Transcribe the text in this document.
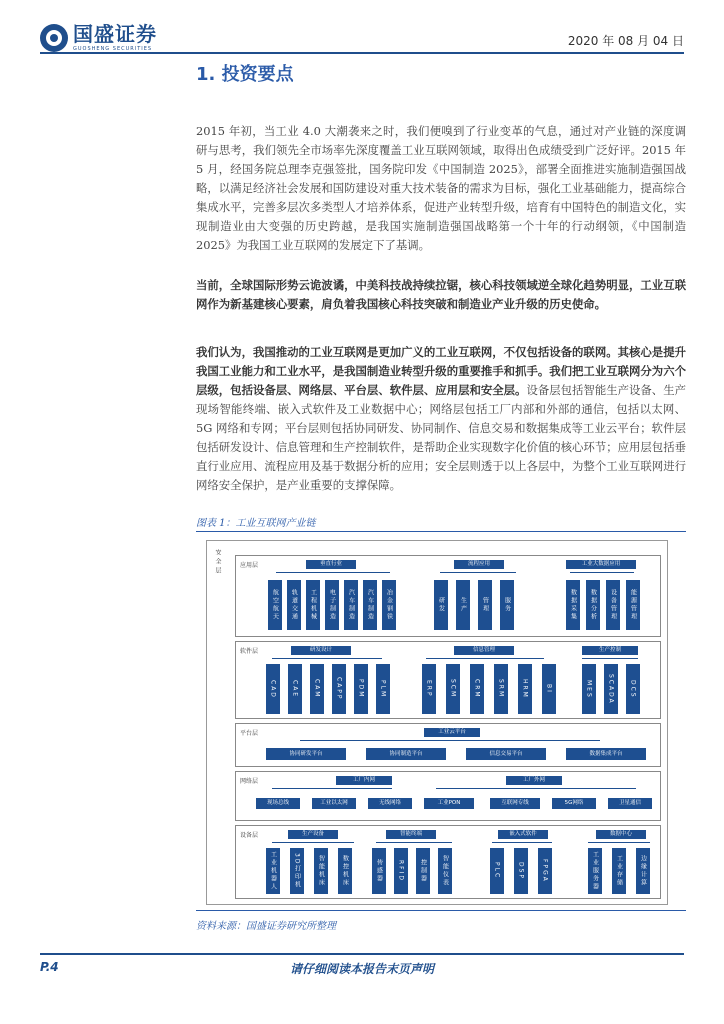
国盛证券
GUOSHENG SECURITIES
2020 年 08 月 04 日
1. 投资要点
2015 年初，当工业 4.0 大潮袭来之时，我们便嗅到了行业变革的气息，通过对产业链的深度调研与思考，我们领先全市场率先深度覆盖工业互联网领域，取得出色成绩受到广泛好评。2015 年 5 月，经国务院总理李克强签批，国务院印发《中国制造 2025》，部署全面推进实施制造强国战略，以满足经济社会发展和国防建设对重大技术装备的需求为目标，强化工业基础能力，提高综合集成水平，完善多层次多类型人才培养体系，促进产业转型升级，培育有中国特色的制造文化，实现制造业由大变强的历史跨越，是我国实施制造强国战略第一个十年的行动纲领，《中国制造 2025》为我国工业互联网的发展定下了基调。
当前，全球国际形势云诡波谲，中美科技战持续拉锯，核心科技领域逆全球化趋势明显，工业互联网作为新基建核心要素，肩负着我国核心科技突破和制造业产业升级的历史使命。
我们认为，我国推动的工业互联网是更加广义的工业互联网，不仅包括设备的联网。其核心是提升我国工业能力和工业水平，是我国制造业转型升级的重要推手和抓手。我们把工业互联网分为六个层级，包括设备层、网络层、平台层、软件层、应用层和安全层。设备层包括智能生产设备、生产现场智能终端、嵌入式软件及工业数据中心；网络层包括工厂内部和外部的通信，包括以太网、5G 网络和专网；平台层则包括协同研发、协同制作、信息交易和数据集成等工业云平台；软件层包括研发设计、信息管理和生产控制软件，是帮助企业实现数字化价值的核心环节；应用层包括垂直行业应用、流程应用及基于数据分析的应用；安全层则透于以上各层中，为整个工业互联网进行网络安全保护，是产业重要的支撑保障。
图表 1：工业互联网产业链
安全层	应用层	垂直行业	流程应用	工业大数据应用
航空航天	轨道交通	工程机械	电子制造	汽车制造	汽车制造	冶金钢铁	研发	生产	管理	服务	数据采集	数据分析	设备管理	能源管理
软件层	研发设计	信息管理	生产控制
CAD	CAE	CAM	CAPP	PDM	PLM	ERP	SCM	CRM	SRM	HRM	BI	MES	SCADA	DCS
平台层	工业云平台
协同研发平台	协同制造平台	信息交易平台	数据集成平台
网络层	工厂内网	工厂外网
现场总线	工业以太网	无线网络	工业PON	互联网专线	5G网络	卫星通信
设备层	生产设备	智能终端	嵌入式软件	数据中心
工业机器人	3D打印机	智能机床	数控机床	传感器	RFID	控制器	智能仪表	PLC	DSP	FPGA	工业服务器	工业存储	边缘计算
资料来源：国盛证券研究所整理
P.4	请仔细阅读本报告末页声明
